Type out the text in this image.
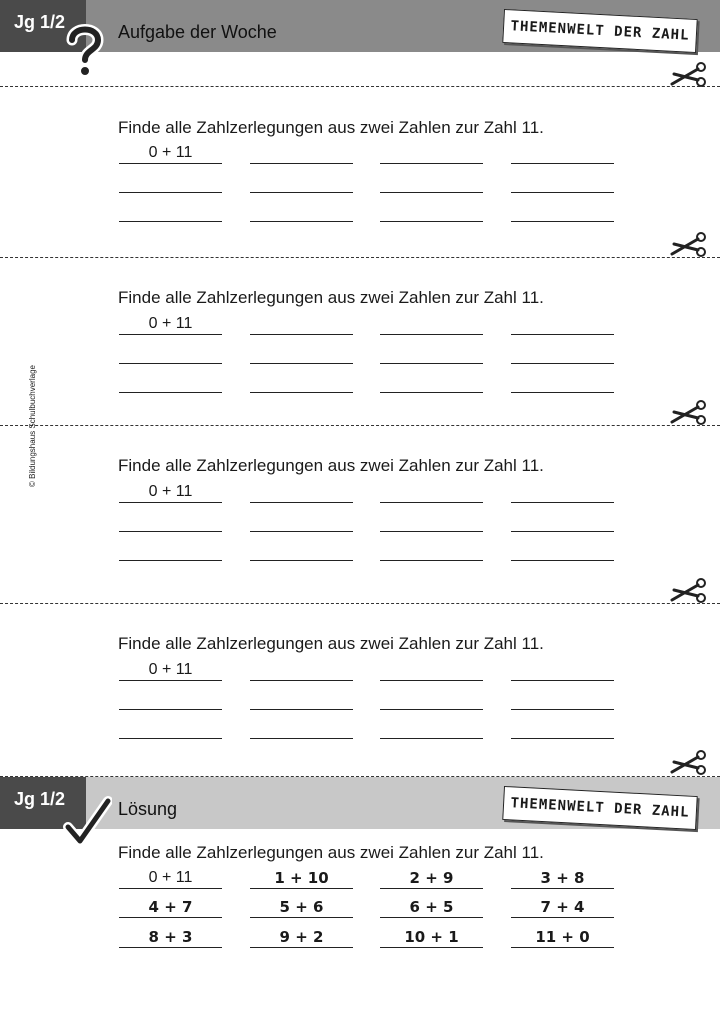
Jg 1/2	Aufgabe der Woche	THEMENWELT DER ZAHL
© Bildungshaus Schulbuchverlage
Finde alle Zahlzerlegungen aus zwei Zahlen zur Zahl 11.
0 + 11
Finde alle Zahlzerlegungen aus zwei Zahlen zur Zahl 11.
0 + 11
Finde alle Zahlzerlegungen aus zwei Zahlen zur Zahl 11.
0 + 11
Finde alle Zahlzerlegungen aus zwei Zahlen zur Zahl 11.
0 + 11
Jg 1/2	Lösung	THEMENWELT DER ZAHL
Finde alle Zahlzerlegungen aus zwei Zahlen zur Zahl 11.
0 + 11	1 + 10	2 + 9	3 + 8
4 + 7	5 + 6	6 + 5	7 + 4
8 + 3	9 + 2	10 + 1	11 + 0
